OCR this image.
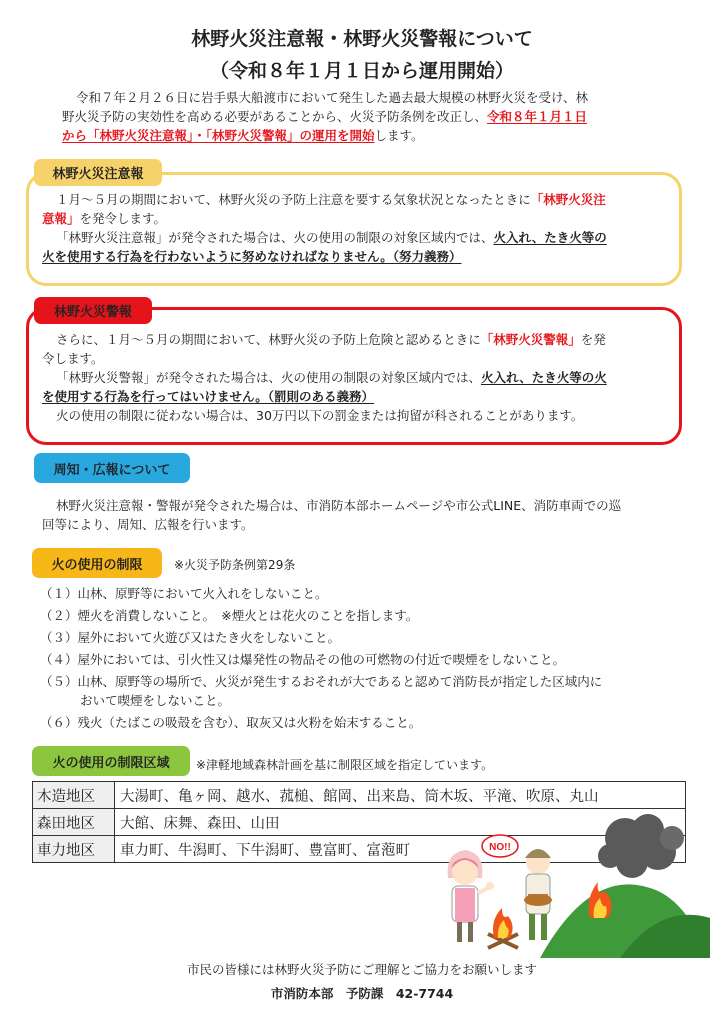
林野火災注意報・林野火災警報について
（令和８年１月１日から運用開始）
令和７年２月２６日に岩手県大船渡市において発生した過去最大規模の林野火災を受け、林
野火災予防の実効性を高める必要があることから、火災予防条例を改正し、令和８年１月１日
から「林野火災注意報」・「林野火災警報」の運用を開始します。
林野火災注意報
１月～５月の期間において、林野火災の予防上注意を要する気象状況となったときに「林野火災注
意報」を発令します。
「林野火災注意報」が発令された場合は、火の使用の制限の対象区域内では、火入れ、たき火等の
火を使用する行為を行わないように努めなければなりません。（努力義務）
林野火災警報
さらに、１月～５月の期間において、林野火災の予防上危険と認めるときに「林野火災警報」を発
令します。
「林野火災警報」が発令された場合は、火の使用の制限の対象区域内では、火入れ、たき火等の火
を使用する行為を行ってはいけません。（罰則のある義務）
火の使用の制限に従わない場合は、30万円以下の罰金または拘留が科されることがあります。
周知・広報について
林野火災注意報・警報が発令された場合は、市消防本部ホームページや市公式LINE、消防車両での巡
回等により、周知、広報を行います。
火の使用の制限	※火災予防条例第29条
（１）山林、原野等において火入れをしないこと。
（２）煙火を消費しないこと。　※煙火とは花火のことを指します。
（３）屋外において火遊び又はたき火をしないこと。
（４）屋外においては、引火性又は爆発性の物品その他の可燃物の付近で喫煙をしないこと。
（５）山林、原野等の場所で、火災が発生するおそれが大であると認めて消防長が指定した区域内に
おいて喫煙をしないこと。
（６）残火（たばこの吸殻を含む）、取灰又は火粉を始末すること。
火の使用の制限区域	※津軽地域森林計画を基に制限区域を指定しています。
木造地区	大湯町、亀ヶ岡、越水、菰槌、館岡、出来島、筒木坂、平滝、吹原、丸山
森田地区	大館、床舞、森田、山田
車力地区	車力町、牛潟町、下牛潟町、豊富町、富萢町	NO!!
市民の皆様には林野火災予防にご理解とご協力をお願いします
市消防本部　予防課　42-7744
